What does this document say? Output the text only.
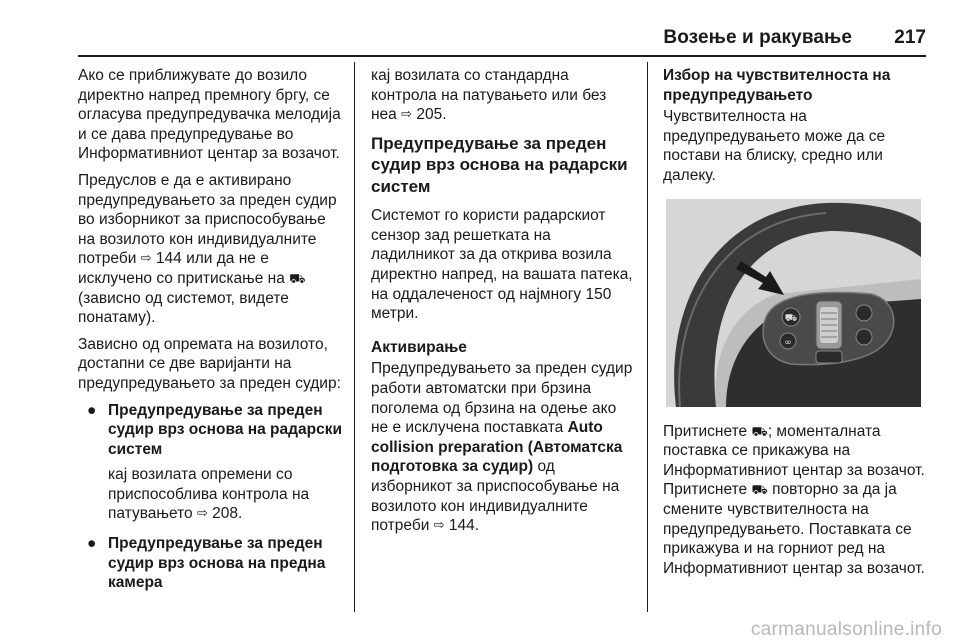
Возење и ракување 217

Ако се приближувате до возило директно напред премногу бргу, се огласува предупредувачка мелодија и се дава предупредување во Информативниот центар за возачот.

Предуслов е да е активирано предупредувањето за преден судир во изборникот за приспособување на возилото кон индивидуалните потреби ⇨ 144 или да не е исклучено со притискање на ⛟ (зависно од системот, видете понатаму).

Зависно од опремата на возилото, достапни се две варијанти на предупредувањето за преден судир:

● Предупредување за преден судир врз основа на радарски систем
кај возилата опремени со приспособлива контрола на патувањето ⇨ 208.
● Предупредување за преден судир врз основа на предна камера

кај возилата со стандардна контрола на патувањето или без неа ⇨ 205.

Предупредување за преден судир врз основа на радарски систем

Системот го користи радарскиот сензор зад решетката на ладилникот за да открива возила директно напред, на вашата патека, на оддалеченост од најмногу 150 метри.

Активирање

Предупредувањето за преден судир работи автоматски при брзина поголема од брзина на одење ако не е исклучена поставката Auto collision preparation (Автоматска подготовка за судир) од изборникот за приспособување на возилото кон индивидуалните потреби ⇨ 144.

Избор на чувствителноста на предупредувањето

Чувствителноста на предупредувањето може да се постави на блиску, средно или далеку.

⛟
∞

Притиснете ⛟; моменталната поставка се прикажува на Информативниот центар за возачот. Притиснете ⛟ повторно за да ја смените чувствителноста на предупредувањето. Поставката се прикажува и на горниот ред на Информативниот центар за возачот.

carmanualsonline.info
